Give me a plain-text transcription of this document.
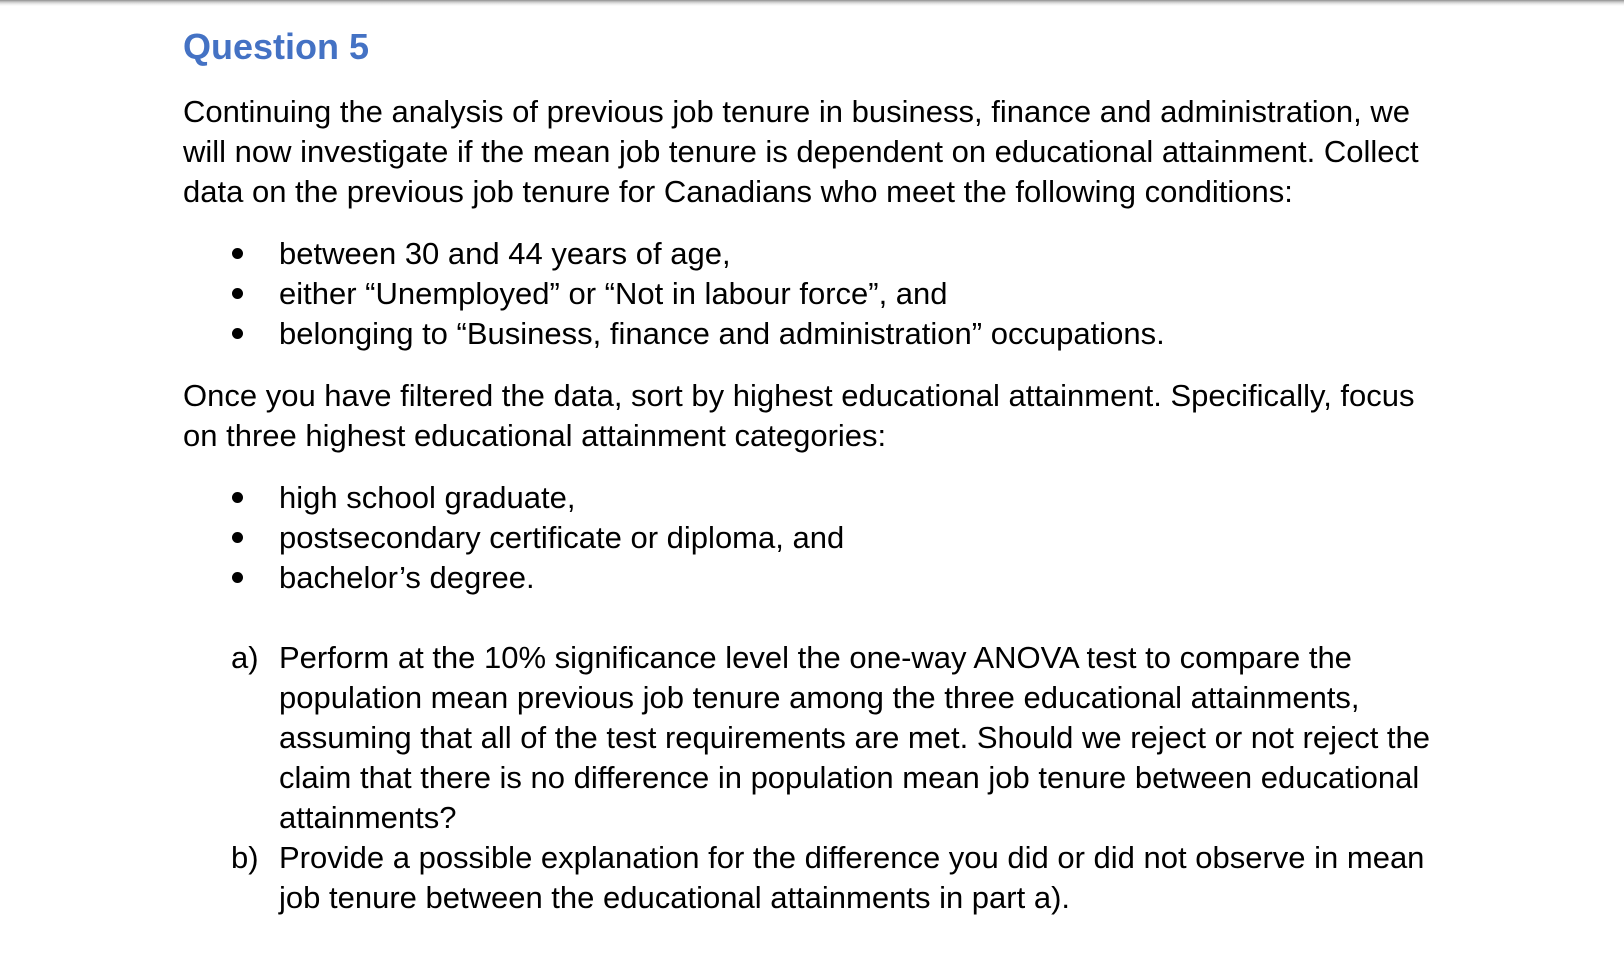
Question 5

Continuing the analysis of previous job tenure in business, finance and administration, we will now investigate if the mean job tenure is dependent on educational attainment. Collect data on the previous job tenure for Canadians who meet the following conditions:

between 30 and 44 years of age,
either “Unemployed” or “Not in labour force”, and
belonging to “Business, finance and administration” occupations.

Once you have filtered the data, sort by highest educational attainment. Specifically, focus on three highest educational attainment categories:

high school graduate,
postsecondary certificate or diploma, and
bachelor’s degree.
a) Perform at the 10% significance level the one-way ANOVA test to compare the population mean previous job tenure among the three educational attainments, assuming that all of the test requirements are met. Should we reject or not reject the claim that there is no difference in population mean job tenure between educational attainments?
b) Provide a possible explanation for the difference you did or did not observe in mean job tenure between the educational attainments in part a).
